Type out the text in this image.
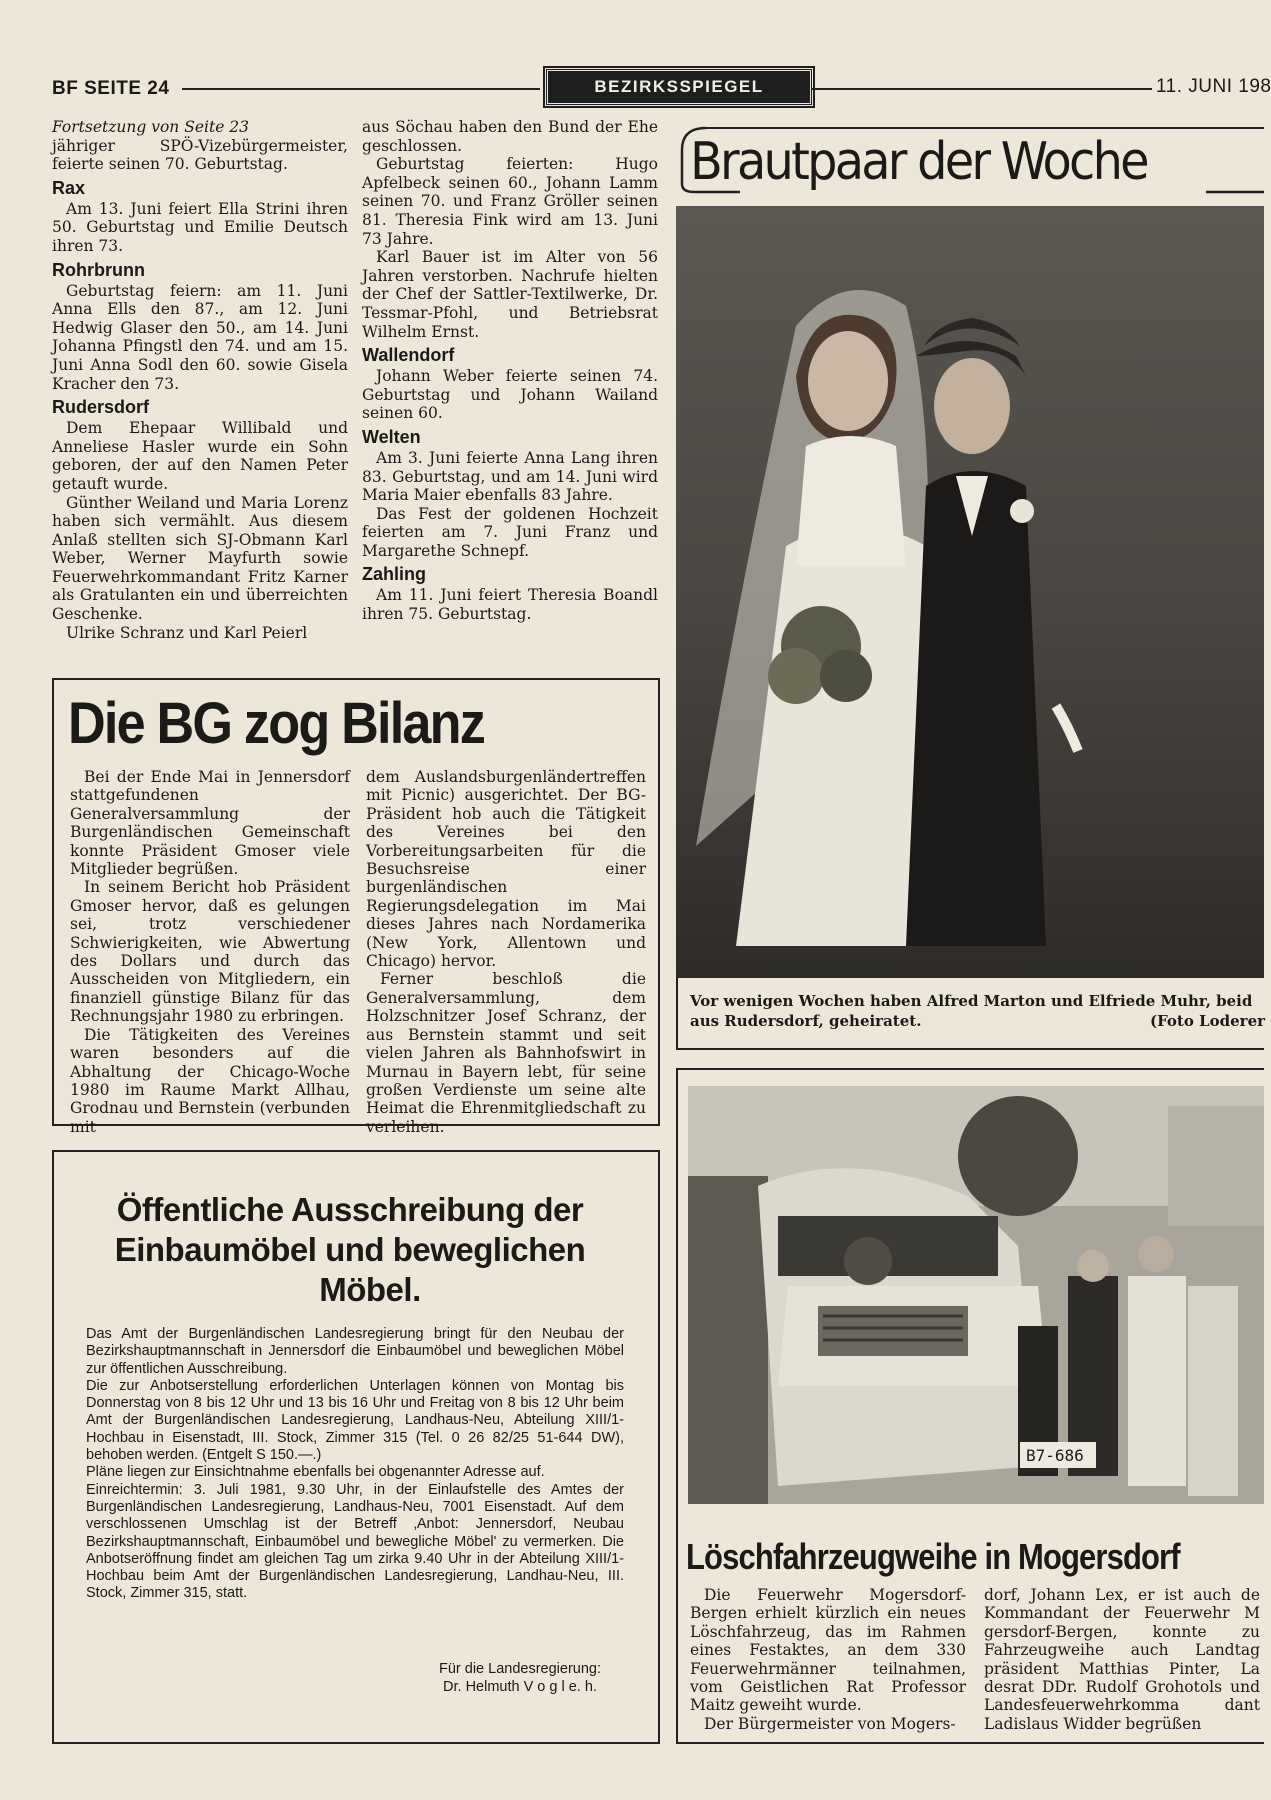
BF SEITE 24	BEZIRKSSPIEGEL	11. JUNI 198

Fortsetzung von Seite 23

jähriger SPÖ-Vizebürgermeister, feierte seinen 70. Geburtstag.

Rax

Am 13. Juni feiert Ella Strini ihren 50. Geburtstag und Emilie Deutsch ihren 73.

Rohrbrunn

Geburtstag feiern: am 11. Juni Anna Ells den 87., am 12. Juni Hedwig Glaser den 50., am 14. Juni Johanna Pfingstl den 74. und am 15. Juni Anna Sodl den 60. sowie Gisela Kracher den 73.

Rudersdorf

Dem Ehepaar Willibald und Anneliese Hasler wurde ein Sohn geboren, der auf den Namen Peter getauft wurde.

Günther Weiland und Maria Lorenz haben sich vermählt. Aus diesem Anlaß stellten sich SJ-Obmann Karl Weber, Werner Mayfurth sowie Feuerwehrkommandant Fritz Karner als Gratulanten ein und überreichten Geschenke.

Ulrike Schranz und Karl Peierl

aus Söchau haben den Bund der Ehe geschlossen.

Geburtstag feierten: Hugo Apfelbeck seinen 60., Johann Lamm seinen 70. und Franz Gröller seinen 81. Theresia Fink wird am 13. Juni 73 Jahre.

Karl Bauer ist im Alter von 56 Jahren verstorben. Nachrufe hielten der Chef der Sattler-Textilwerke, Dr. Tessmar-Pfohl, und Betriebsrat Wilhelm Ernst.

Wallendorf

Johann Weber feierte seinen 74. Geburtstag und Johann Wailand seinen 60.

Welten

Am 3. Juni feierte Anna Lang ihren 83. Geburtstag, und am 14. Juni wird Maria Maier ebenfalls 83 Jahre.

Das Fest der goldenen Hochzeit feierten am 7. Juni Franz und Margarethe Schnepf.

Zahling

Am 11. Juni feiert Theresia Boandl ihren 75. Geburtstag.

Die BG zog Bilanz

Bei der Ende Mai in Jennersdorf stattgefundenen Generalversammlung der Burgenländischen Gemeinschaft konnte Präsident Gmoser viele Mitglieder begrüßen.

In seinem Bericht hob Präsident Gmoser hervor, daß es gelungen sei, trotz verschiedener Schwierigkeiten, wie Abwertung des Dollars und durch das Ausscheiden von Mitgliedern, ein finanziell günstige Bilanz für das Rechnungsjahr 1980 zu erbringen.

Die Tätigkeiten des Vereines waren besonders auf die Abhaltung der Chicago-Woche 1980 im Raume Markt Allhau, Grodnau und Bernstein (verbunden mit

dem Auslandsburgenländertreffen mit Picnic) ausgerichtet. Der BG-Präsident hob auch die Tätigkeit des Vereines bei den Vorbereitungsarbeiten für die Besuchsreise einer burgenländischen Regierungsdelegation im Mai dieses Jahres nach Nordamerika (New York, Allentown und Chicago) hervor.

Ferner beschloß die Generalversammlung, dem Holzschnitzer Josef Schranz, der aus Bernstein stammt und seit vielen Jahren als Bahnhofswirt in Murnau in Bayern lebt, für seine großen Verdienste um seine alte Heimat die Ehrenmitgliedschaft zu verleihen.

Öffentliche Ausschreibung der
Einbaumöbel und beweglichen
Möbel.

Das Amt der Burgenländischen Landesregierung bringt für den Neubau der Bezirkshauptmannschaft in Jennersdorf die Einbaumöbel und beweglichen Möbel zur öffentlichen Ausschreibung.

Die zur Anbotserstellung erforderlichen Unterlagen können von Montag bis Donnerstag von 8 bis 12 Uhr und 13 bis 16 Uhr und Freitag von 8 bis 12 Uhr beim Amt der Burgenländischen Landesregierung, Landhaus-Neu, Abteilung XIII/1-Hochbau in Eisenstadt, III. Stock, Zimmer 315 (Tel. 0 26 82/25 51-644 DW), behoben werden. (Entgelt S 150.—.)

Pläne liegen zur Einsichtnahme ebenfalls bei obgenannter Adresse auf.

Einreichtermin: 3. Juli 1981, 9.30 Uhr, in der Einlaufstelle des Amtes der Burgenländischen Landesregierung, Landhaus-Neu, 7001 Eisenstadt. Auf dem verschlossenen Umschlag ist der Betreff ‚Anbot: Jennersdorf, Neubau Bezirkshauptmannschaft, Einbaumöbel und bewegliche Möbel' zu vermerken. Die Anbotseröffnung findet am gleichen Tag um zirka 9.40 Uhr in der Abteilung XIII/1-Hochbau beim Amt der Burgenländischen Landesregierung, Landhau-Neu, III. Stock, Zimmer 315, statt.

Für die Landesregierung:
Dr. Helmuth V o g l e. h.
Brautpaar der Woche
Vor wenigen Wochen haben Alfred Marton und Elfriede Muhr, beid
aus Rudersdorf, geheiratet.	(Foto Loderer
B7-686
Löschfahrzeugweihe in Mogersdorf

Die Feuerwehr Mogersdorf-Bergen erhielt kürzlich ein neues Löschfahrzeug, das im Rahmen eines Festaktes, an dem 330 Feuerwehrmänner teilnahmen, vom Geistlichen Rat Professor Maitz geweiht wurde.

Der Bürgermeister von Mogers-

dorf, Johann Lex, er ist auch de Kommandant der Feuerwehr M gersdorf-Bergen, konnte zu Fahrzeugweihe auch Landtag präsident Matthias Pinter, La desrat DDr. Rudolf Grohotols und Landesfeuerwehrkomma dant Ladislaus Widder begrüßen
